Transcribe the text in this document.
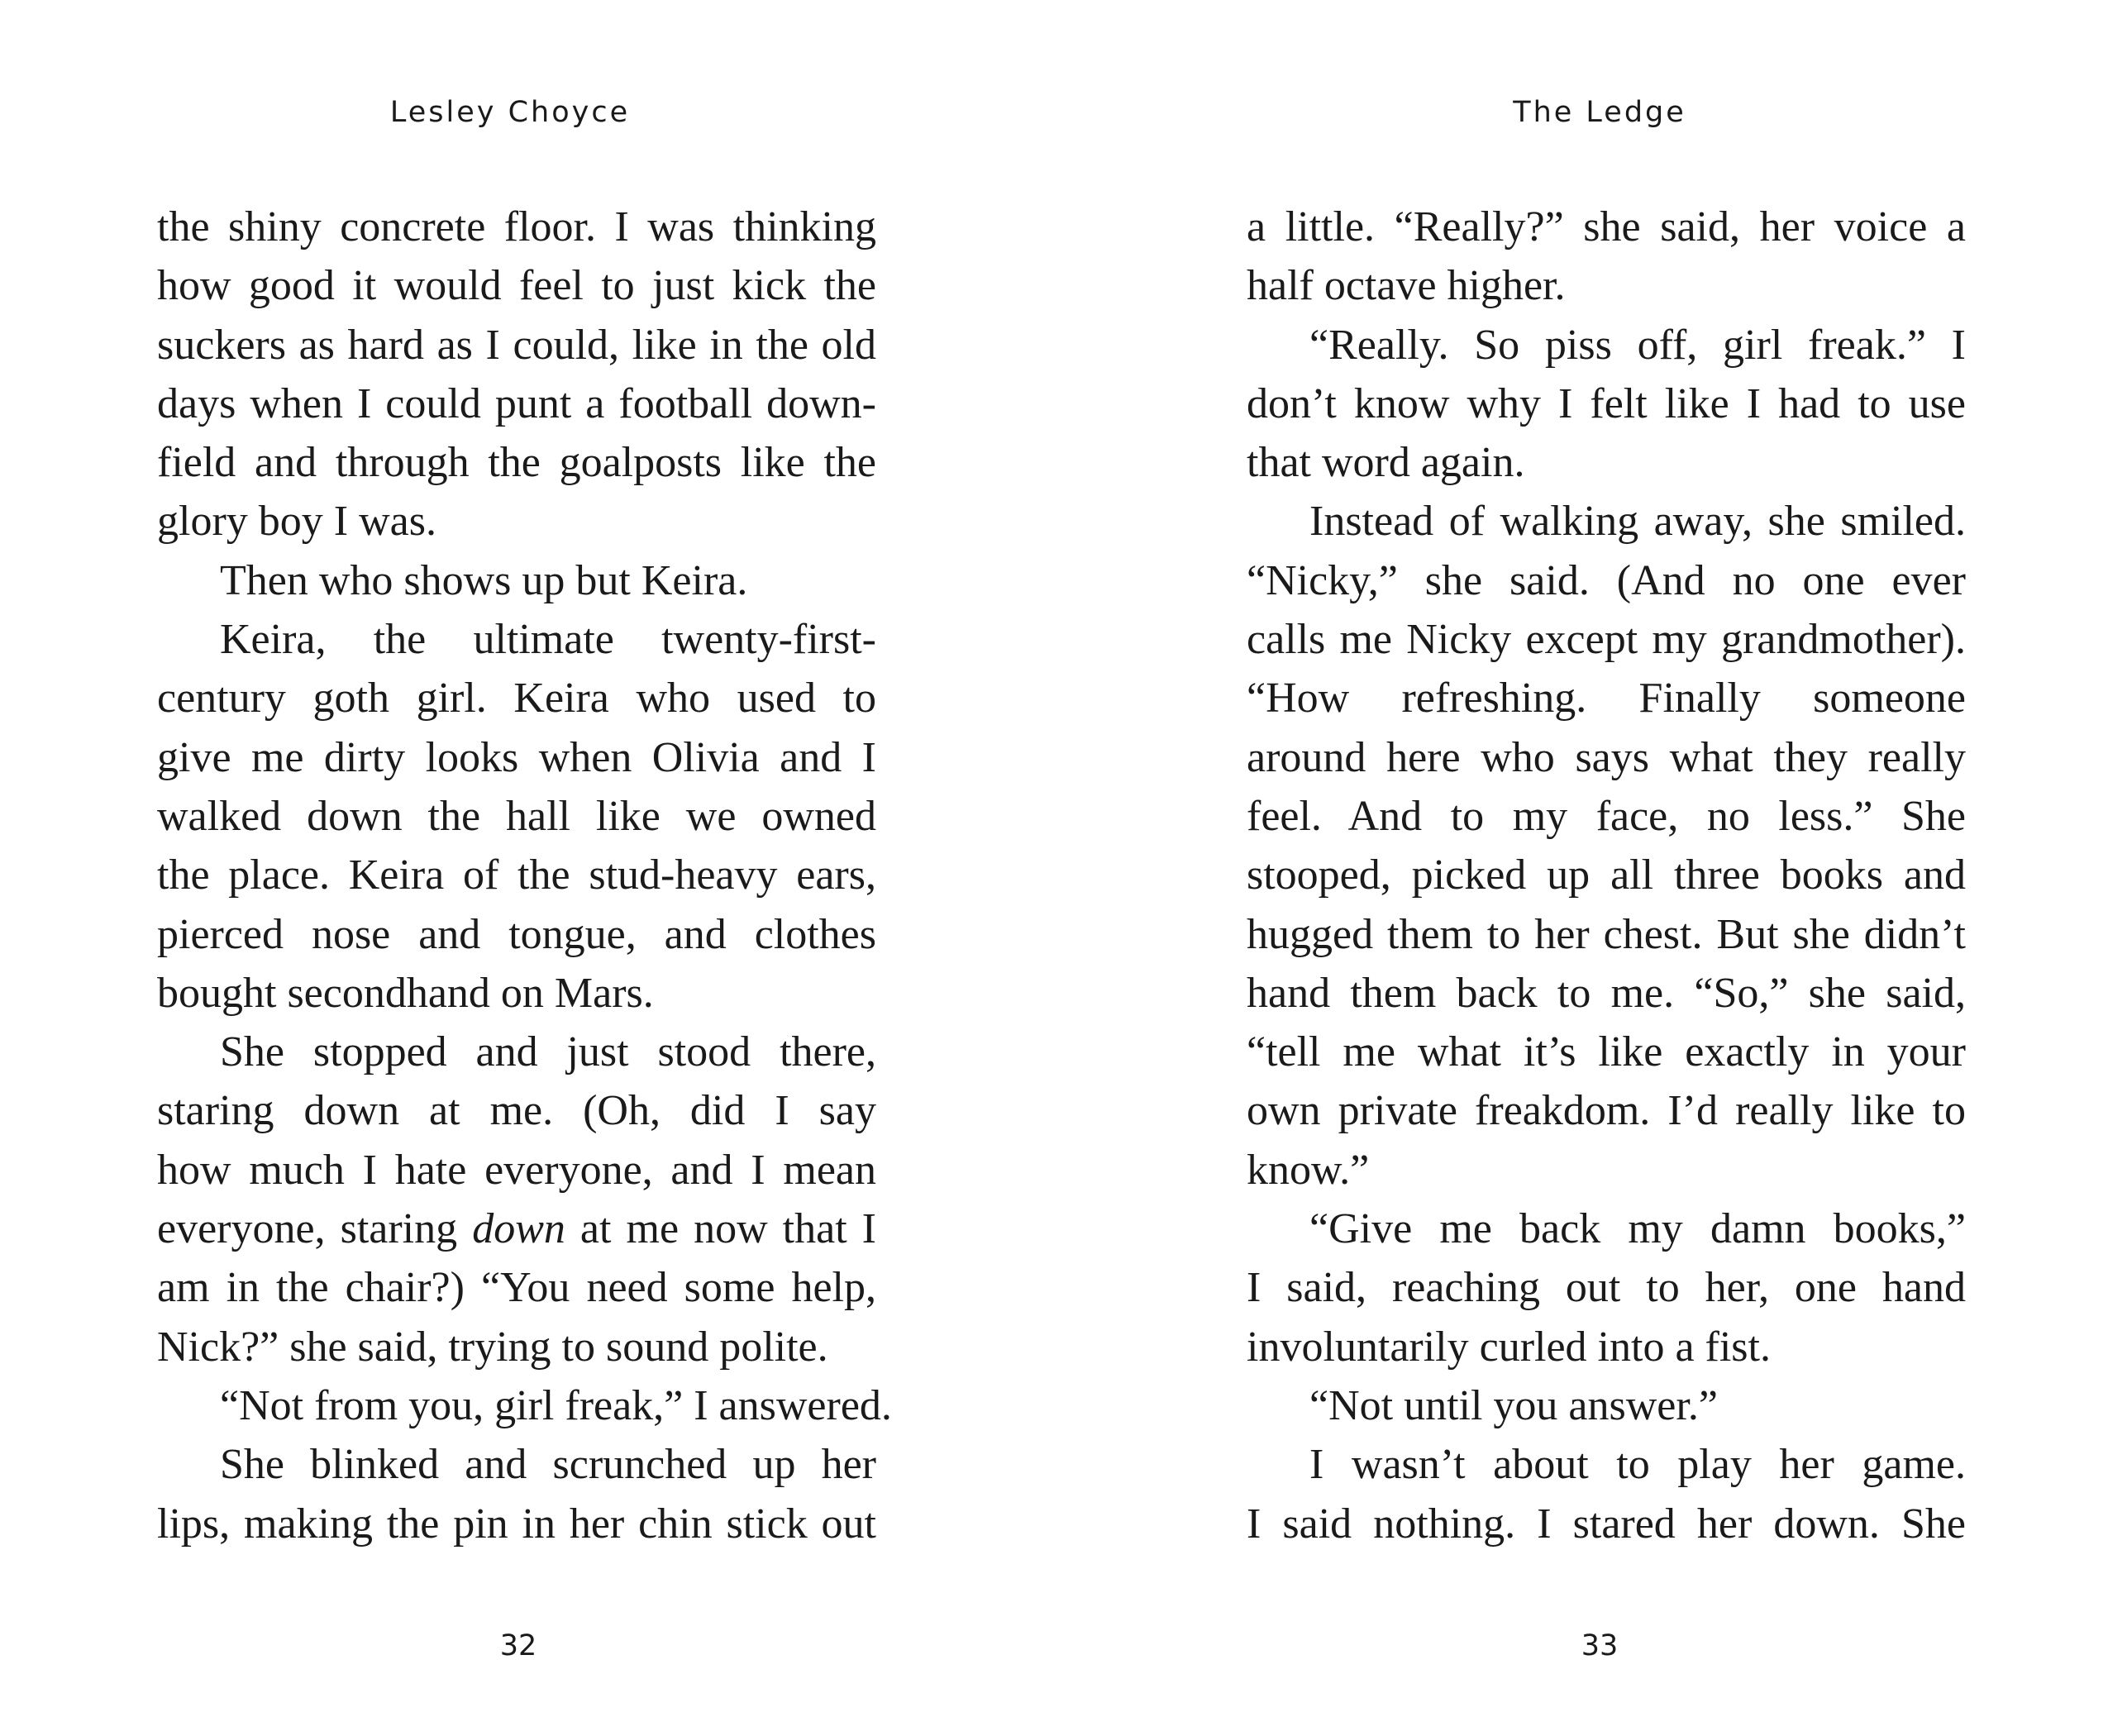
Lesley Choyce
the shiny concrete floor. I was thinking
how good it would feel to just kick the
suckers as hard as I could, like in the old
days when I could punt a football down-
field and through the goalposts like the
glory boy I was.
Then who shows up but Keira.
Keira, the ultimate twenty-first-
century goth girl. Keira who used to
give me dirty looks when Olivia and I
walked down the hall like we owned
the place. Keira of the stud-heavy ears,
pierced nose and tongue, and clothes
bought secondhand on Mars.
She stopped and just stood there,
staring down at me. (Oh, did I say
how much I hate everyone, and I mean
everyone, staring down at me now that I
am in the chair?) “You need some help,
Nick?” she said, trying to sound polite.
“Not from you, girl freak,” I answered.
She blinked and scrunched up her
lips, making the pin in her chin stick out
32
The Ledge
a little. “Really?” she said, her voice a
half octave higher.
“Really. So piss off, girl freak.” I
don’t know why I felt like I had to use
that word again.
Instead of walking away, she smiled.
“Nicky,” she said. (And no one ever
calls me Nicky except my grandmother).
“How refreshing. Finally someone
around here who says what they really
feel. And to my face, no less.” She
stooped, picked up all three books and
hugged them to her chest. But she didn’t
hand them back to me. “So,” she said,
“tell me what it’s like exactly in your
own private freakdom. I’d really like to
know.”
“Give me back my damn books,”
I said, reaching out to her, one hand
involuntarily curled into a fist.
“Not until you answer.”
I wasn’t about to play her game.
I said nothing. I stared her down. She
33
